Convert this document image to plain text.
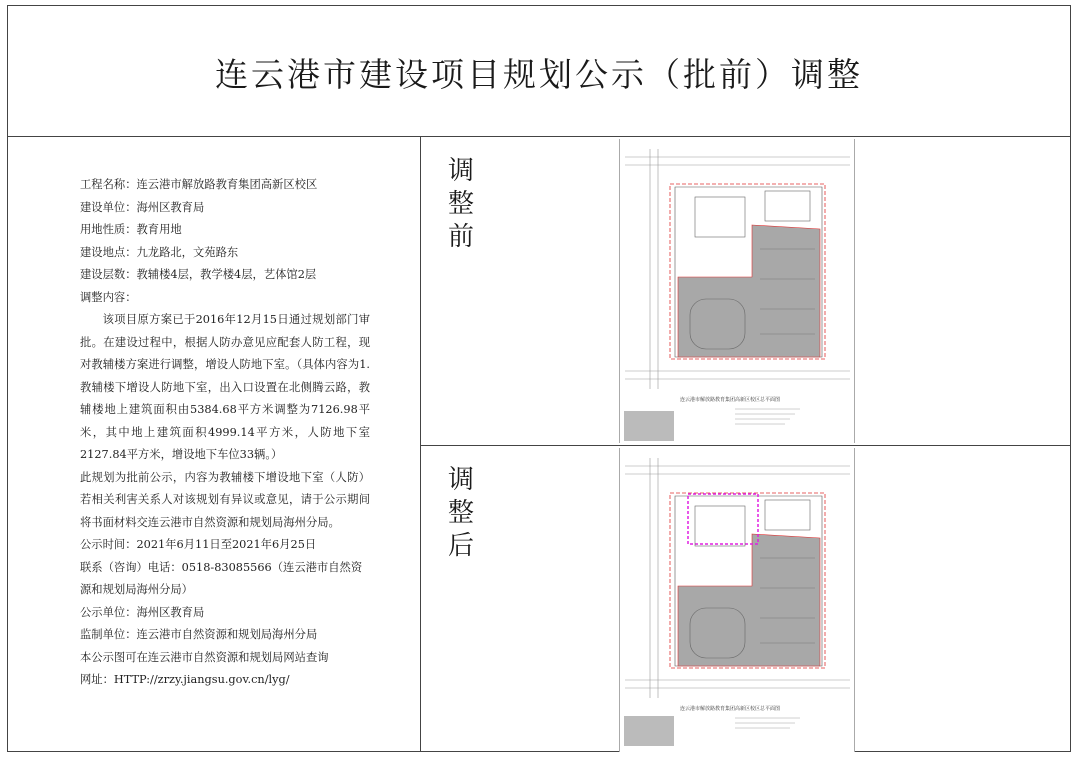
连云港市建设项目规划公示（批前）调整

工程名称：连云港市解放路教育集团高新区校区

建设单位：海州区教育局

用地性质：教育用地

建设地点：九龙路北，文苑路东

建设层数：教辅楼4层，教学楼4层，艺体馆2层

调整内容：

该项目原方案已于2016年12月15日通过规划部门审批。在建设过程中，根据人防办意见应配套人防工程，现对教辅楼方案进行调整，增设人防地下室。（具体内容为1.教辅楼下增设人防地下室，出入口设置在北侧腾云路，教辅楼地上建筑面积由5384.68平方米调整为7126.98平米，其中地上建筑面积4999.14平方米，人防地下室2127.84平方米，增设地下车位33辆。）

此规划为批前公示，内容为教辅楼下增设地下室（人防）若相关利害关系人对该规划有异议或意见，请于公示期间将书面材料交连云港市自然资源和规划局海州分局。

公示时间：2021年6月11日至2021年6月25日

联系（咨询）电话：0518-83085566（连云港市自然资源和规划局海州分局）

公示单位：海州区教育局

监制单位：连云港市自然资源和规划局海州分局

本公示图可在连云港市自然资源和规划局网站查询

网址：HTTP://zrzy.jiangsu.gov.cn/lyg/

调
整
前
连云港市解放路教育集团高新区校区总平面图
调
整
后
连云港市解放路教育集团高新区校区总平面图
